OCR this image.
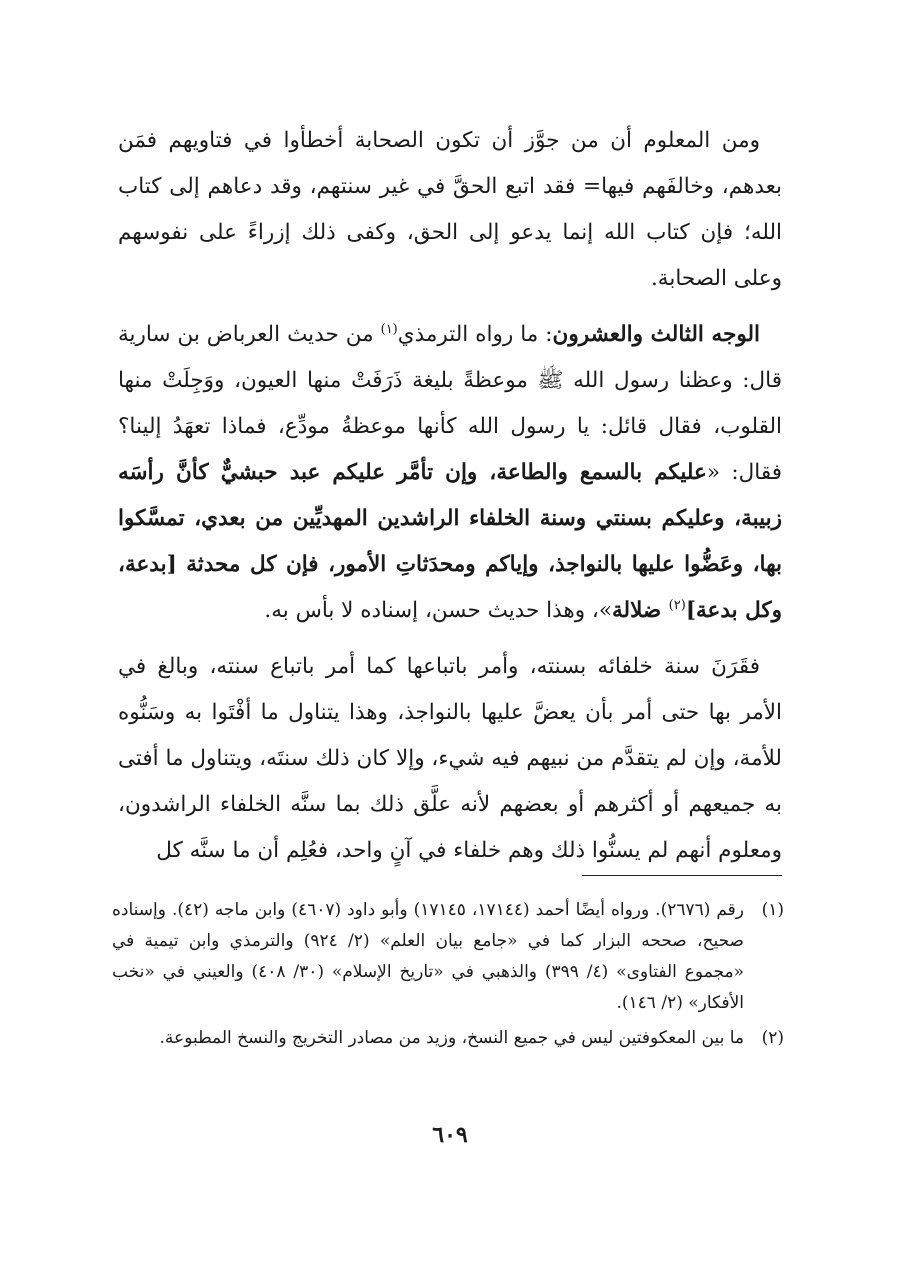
ومن المعلوم أن من جوَّز أن تكون الصحابة أخطأوا في فتاويهم فمَن بعدهم، وخالفَهم فيها= فقد اتبع الحقَّ في غير سنتهم، وقد دعاهم إلى كتاب الله؛ فإن كتاب الله إنما يدعو إلى الحق، وكفى ذلك إزراءً على نفوسهم وعلى الصحابة.

الوجه الثالث والعشرون: ما رواه الترمذي$^{(١)}$ من حديث العرباض بن سارية قال: وعظنا رسول الله ﷺ موعظةً بليغة ذَرَفَتْ منها العيون، ووَجِلَتْ منها القلوب، فقال قائل: يا رسول الله كأنها موعظةُ مودِّع، فماذا تعهَدُ إلينا؟ فقال: «عليكم بالسمع والطاعة، وإن تأمَّر عليكم عبد حبشيٌّ كأنَّ رأسَه زبيبة، وعليكم بسنتي وسنة الخلفاء الراشدين المهديِّين من بعدي، تمسَّكوا بها، وعَضُّوا عليها بالنواجذ، وإياكم ومحدَثاتِ الأمور، فإن كل محدثة [بدعة، وكل بدعة]$^{(٢)}$ ضلالة»، وهذا حديث حسن، إسناده لا بأس به.

فقَرَنَ سنة خلفائه بسنته، وأمر باتباعها كما أمر باتباع سنته، وبالغ في الأمر بها حتى أمر بأن يعضَّ عليها بالنواجذ، وهذا يتناول ما أفْتَوا به وسَنُّوه للأمة، وإن لم يتقدَّم من نبيهم فيه شيء، وإلا كان ذلك سنتَه، ويتناول ما أفتى به جميعهم أو أكثرهم أو بعضهم لأنه علَّق ذلك بما سنَّه الخلفاء الراشدون، ومعلوم أنهم لم يسنُّوا ذلك وهم خلفاء في آنٍ واحد، فعُلِم أن ما سنَّه كل

(١)
رقم (٢٦٧٦). ورواه أيضًا أحمد (١٧١٤٤، ١٧١٤٥) وأبو داود (٤٦٠٧) وابن ماجه (٤٢). وإسناده صحيح، صححه البزار كما في «جامع بيان العلم» (٢/ ٩٢٤) والترمذي وابن تيمية في «مجموع الفتاوى» (٤/ ٣٩٩) والذهبي في «تاريخ الإسلام» (٣٠/ ٤٠٨) والعيني في «نخب الأفكار» (٢/ ١٤٦).
(٢)
ما بين المعكوفتين ليس في جميع النسخ، وزيد من مصادر التخريج والنسخ المطبوعة.
٦٠٩
